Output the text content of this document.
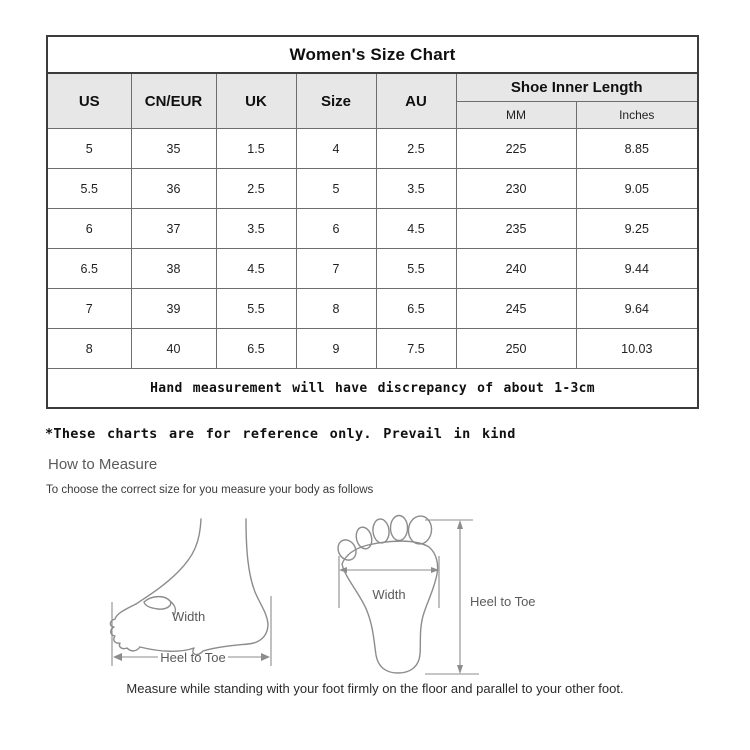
Women's Size Chart						
US	CN/EUR	UK	Size	AU	Shoe Inner Length	
					MM	Inches
5	35	1.5	4	2.5	225	8.85
5.5	36	2.5	5	3.5	230	9.05
6	37	3.5	6	4.5	235	9.25
6.5	38	4.5	7	5.5	240	9.44
7	39	5.5	8	6.5	245	9.64
8	40	6.5	9	7.5	250	10.03
Hand measurement will have discrepancy of about 1-3cm						
*These charts are for reference only. Prevail in kind
How to Measure
To choose the correct size for you measure your body as follows
Width
Heel to Toe
Width	Heel to Toe
Measure while standing with your foot firmly on the floor and parallel to your other foot.
